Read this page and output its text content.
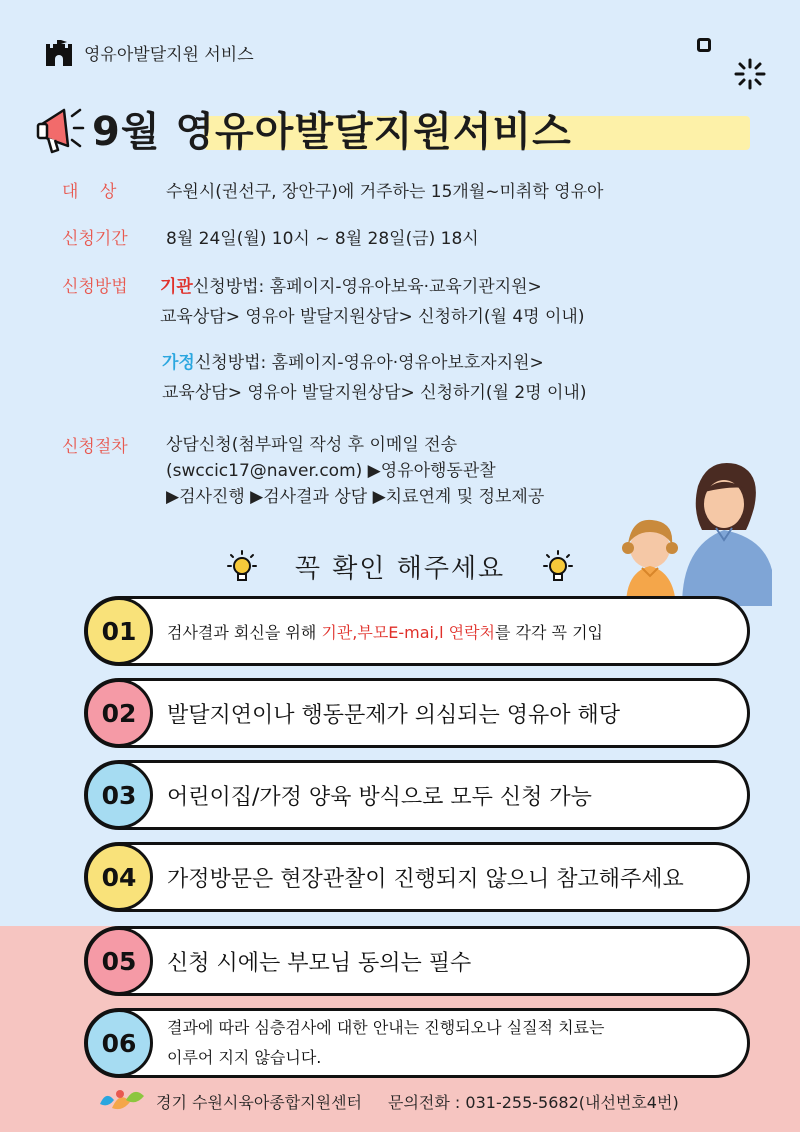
영유아발달지원 서비스
9월 영유아발달지원서비스
대    상	수원시(권선구, 장안구)에 거주하는 15개월~미취학 영유아
신청기간 8월 24일(월) 10시 ~ 8월 28일(금) 18시
신청방법 기관신청방법: 홈페이지-영유아보육·교육기관지원>
교육상담> 영유아 발달지원상담> 신청하기(월 4명 이내)
가정신청방법: 홈페이지-영유아·영유아보호자지원>
교육상담> 영유아 발달지원상담> 신청하기(월 2명 이내)
신청절차 상담신청(첨부파일 작성 후 이메일 전송
(swccic17@naver.com) ▶영유아행동관찰
▶검사진행 ▶검사결과 상담 ▶치료연계 및 정보제공
꼭 확인 해주세요
01	검사결과 회신을 위해 기관,부모E-mai,l 연락처를 각각 꼭 기입
02	발달지연이나 행동문제가 의심되는 영유아 해당
03	어린이집/가정 양육 방식으로 모두 신청 가능
04	가정방문은 현장관찰이 진행되지 않으니 참고해주세요
05	신청 시에는 부모님 동의는 필수
06
결과에 따라 심층검사에 대한 안내는 진행되오나 실질적 치료는
이루어 지지 않습니다.
경기 수원시육아종합지원센터 문의전화 : 031-255-5682(내선번호4번)
